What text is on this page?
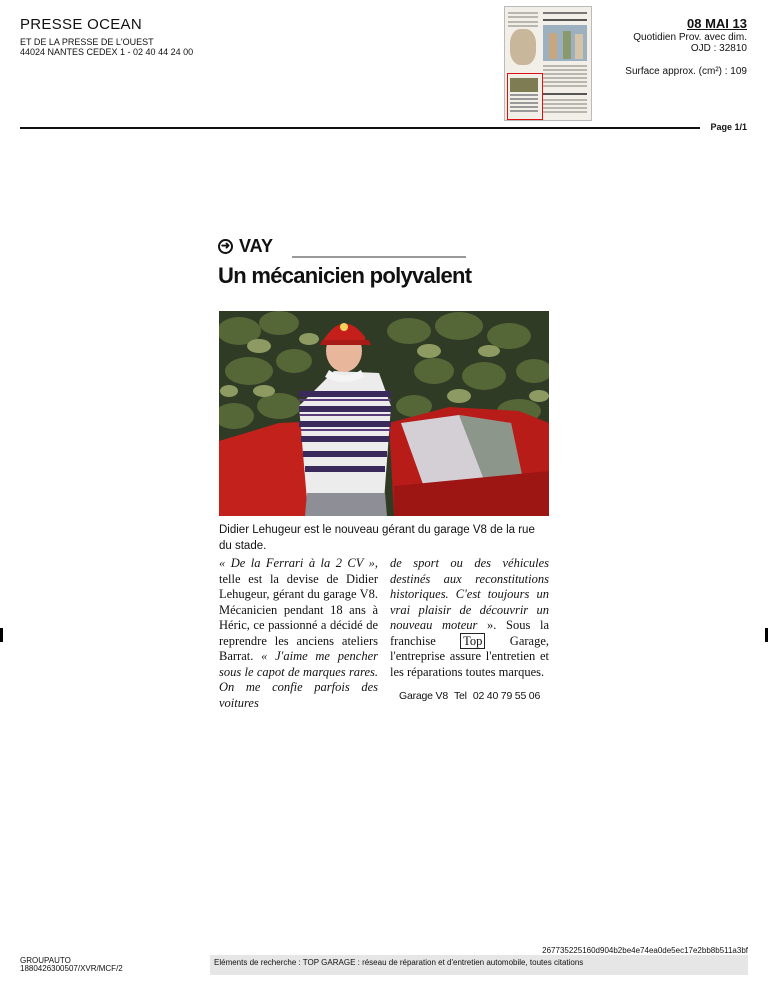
PRESSE OCEAN
ET DE LA PRESSE DE L'OUEST
44024 NANTES CEDEX 1 - 02 40 44 24 00
08 MAI 13
Quotidien Prov. avec dim.
OJD : 32810
Surface approx. (cm²) : 109
Page 1/1
➜ VAY
Un mécanicien polyvalent
Didier Lehugeur est le nouveau gérant du garage V8 de la rue du stade.
« De la Ferrari à la 2 CV », telle est la devise de Didier Lehugeur, gérant du garage V8. Mécanicien pendant 18 ans à Héric, ce passionné a décidé de reprendre les anciens ateliers Barrat. « J'aime me pencher sous le capot de marques rares. On me confie parfois des voitures
de sport ou des véhicules destinés aux reconstitutions historiques. C'est toujours un vrai plaisir de découvrir un nouveau moteur ». Sous la franchise Top Garage, l'entreprise assure l'entretien et les réparations toutes marques.
Garage V8 Tel 02 40 79 55 06
267735225160d904b2be4e74ea0de5ec17e2bb8b511a3bf
GROUPAUTO
1880426300507/XVR/MCF/2
Eléments de recherche : TOP GARAGE : réseau de réparation et d'entretien automobile, toutes citations
